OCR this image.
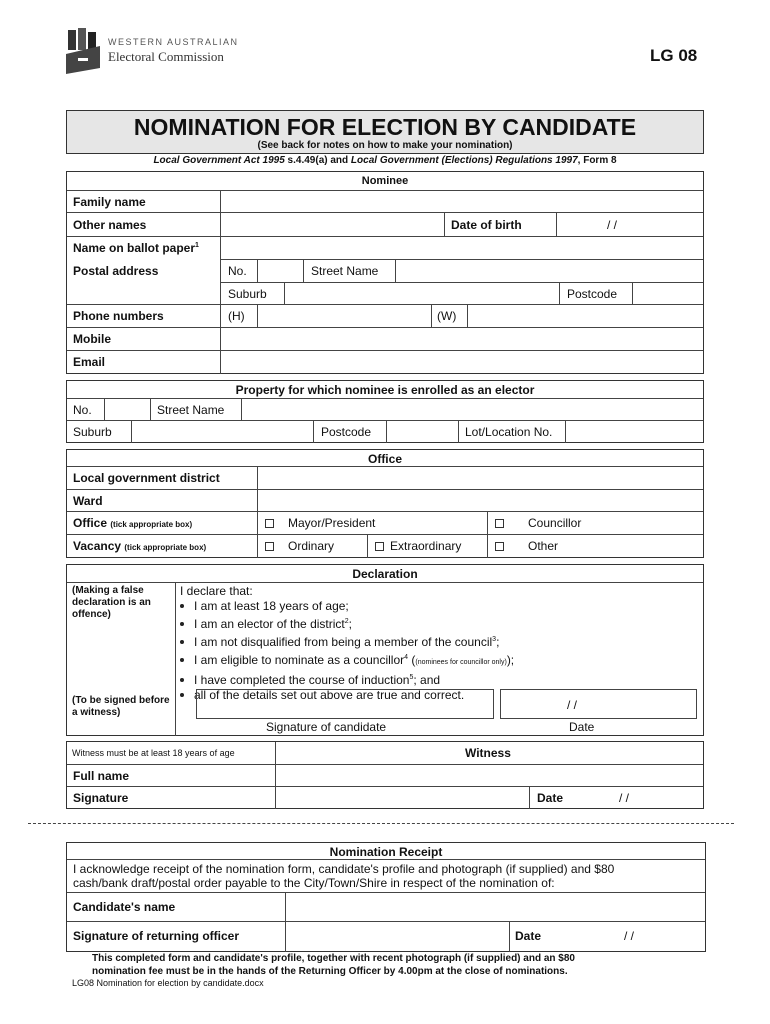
WESTERN AUSTRALIAN
Electoral Commission	LG 08
NOMINATION FOR ELECTION BY CANDIDATE
(See back for notes on how to make your nomination)
Local Government Act 1995 s.4.49(a) and Local Government (Elections) Regulations 1997, Form 8
Nominee
Family name
Other names	Date of birth	/ /
Name on ballot paper$^1$
Postal address	No.	Street Name
Suburb	Postcode
Phone numbers	(H)	(W)
Mobile
Email
Property for which nominee is enrolled as an elector
No.	Street Name
Suburb	Postcode	Lot/Location No.
Office
Local government district
Ward
Office (tick appropriate box)	Mayor/President	Councillor
Vacancy (tick appropriate box)	Ordinary	Extraordinary	Other
Declaration
(Making a false declaration is an offence)
I declare that:
I am at least 18 years of age;
I am an elector of the district$^2$;
I am not disqualified from being a member of the council$^3$;
I am eligible to nominate as a councillor$^4$ ((nominees for councillor only));
I have completed the course of induction$^5$; and
all of the details set out above are true and correct.
(To be signed before a witness)
/ /
Signature of candidate	Date
Witness must be at least 18 years of age	Witness
Full name
Signature	Date	/ /
Nomination Receipt
I acknowledge receipt of the nomination form, candidate's profile and photograph (if supplied) and $80
cash/bank draft/postal order payable to the City/Town/Shire in respect of the nomination of:
Candidate's name
Signature of returning officer	Date	/ /
This completed form and candidate's profile, together with recent photograph (if supplied) and an $80
nomination fee must be in the hands of the Returning Officer by 4.00pm at the close of nominations.
LG08 Nomination for election by candidate.docx
